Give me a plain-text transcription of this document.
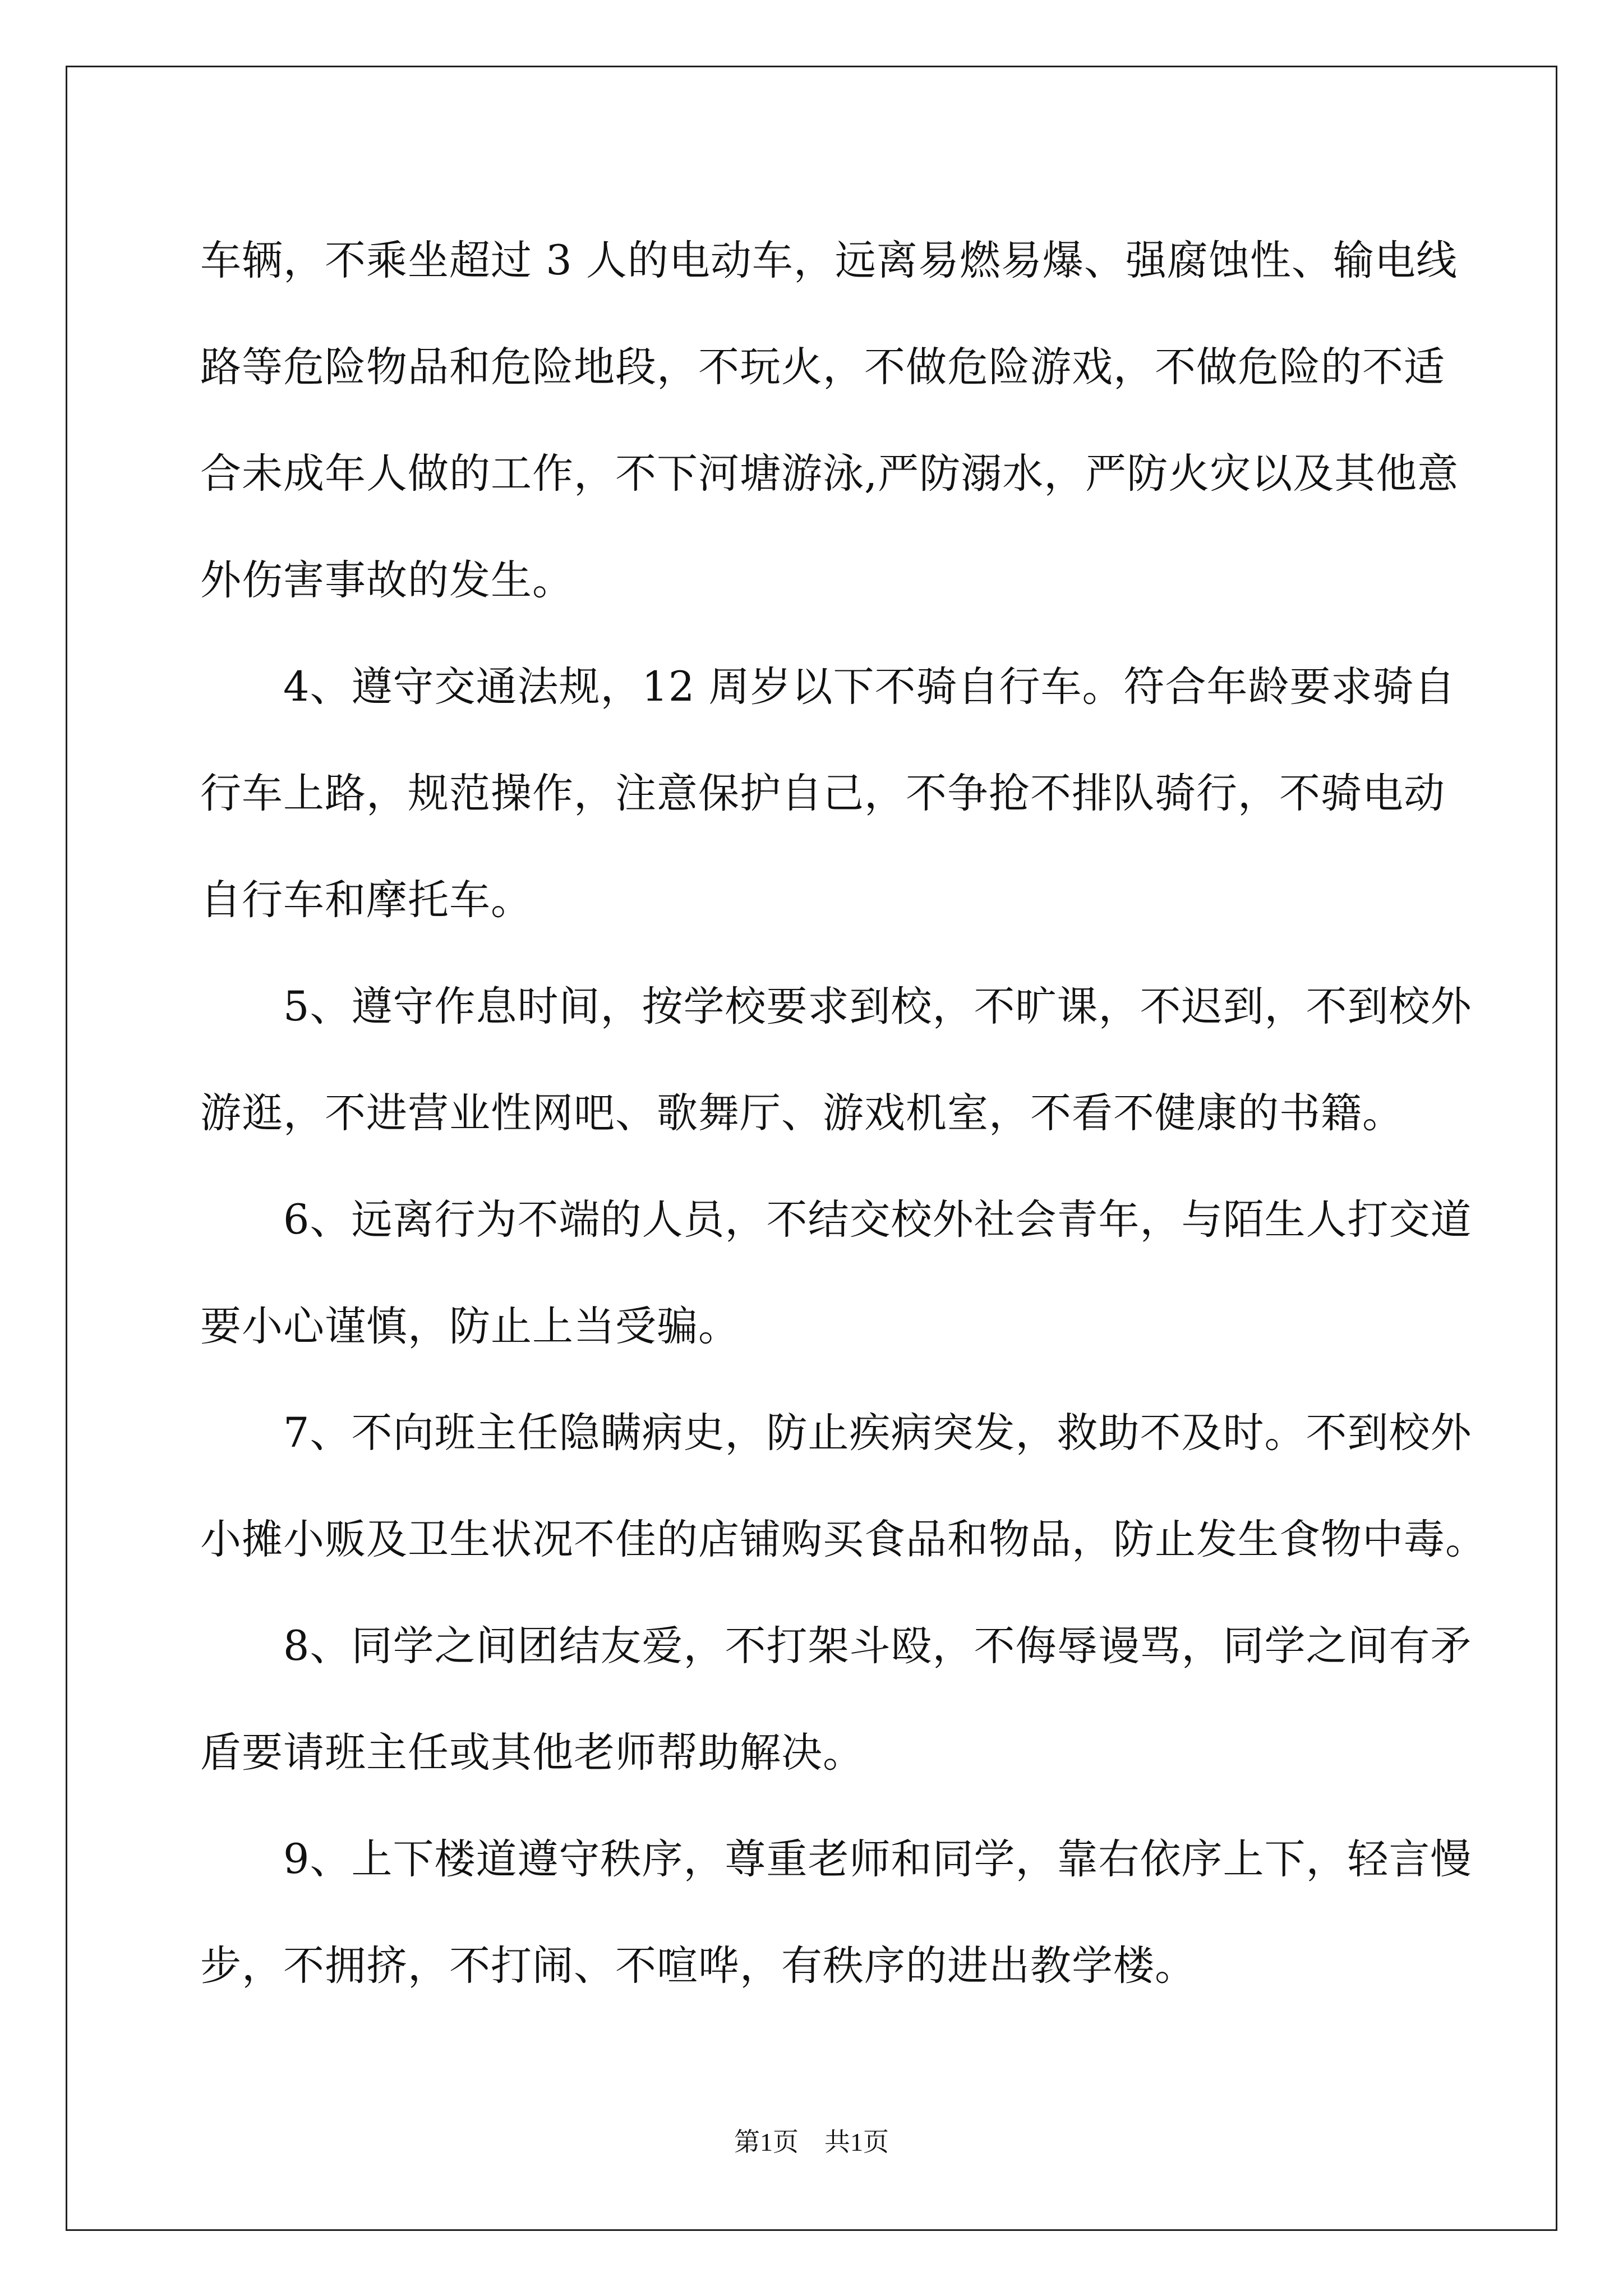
车辆，不乘坐超过 3 人的电动车，远离易燃易爆、强腐蚀性、输电线
路等危险物品和危险地段，不玩火，不做危险游戏，不做危险的不适
合未成年人做的工作，不下河塘游泳,严防溺水，严防火灾以及其他意
外伤害事故的发生。
　　4、遵守交通法规，12 周岁以下不骑自行车。符合年龄要求骑自
行车上路，规范操作，注意保护自己，不争抢不排队骑行，不骑电动
自行车和摩托车。
　　5、遵守作息时间，按学校要求到校，不旷课，不迟到，不到校外
游逛，不进营业性网吧、歌舞厅、游戏机室，不看不健康的书籍。
　　6、远离行为不端的人员，不结交校外社会青年，与陌生人打交道
要小心谨慎，防止上当受骗。
　　7、不向班主任隐瞒病史，防止疾病突发，救助不及时。不到校外
小摊小贩及卫生状况不佳的店铺购买食品和物品，防止发生食物中毒。
　　8、同学之间团结友爱，不打架斗殴，不侮辱谩骂，同学之间有矛
盾要请班主任或其他老师帮助解决。
　　9、上下楼道遵守秩序，尊重老师和同学，靠右依序上下，轻言慢
步，不拥挤，不打闹、不喧哗，有秩序的进出教学楼。
第1页　共1页
